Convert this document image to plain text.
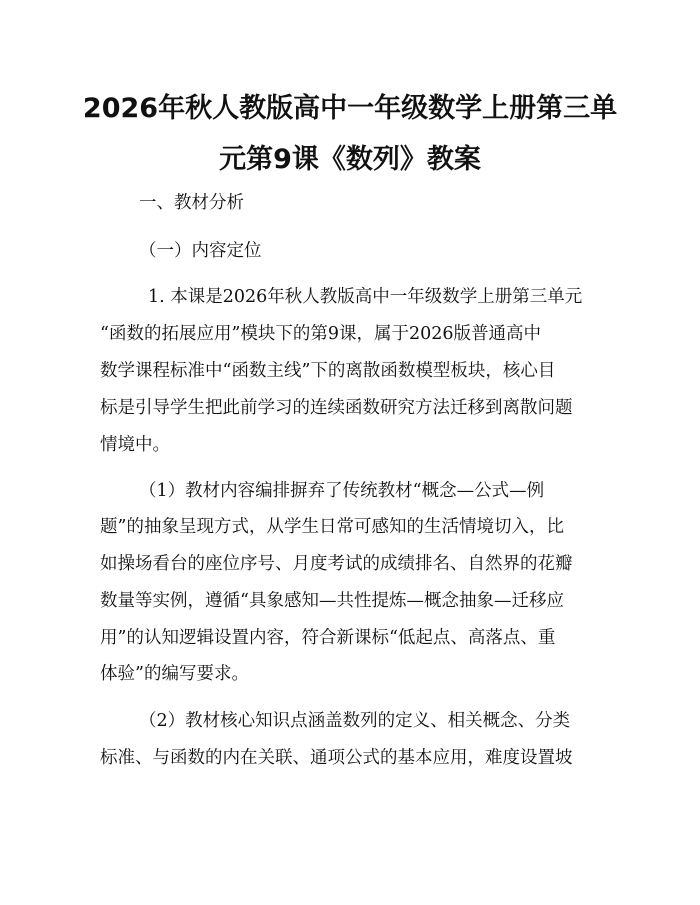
2026年秋人教版高中一年级数学上册第三单
元第9课《数列》教案

一、教材分析

（一）内容定位

1. 本课是2026年秋人教版高中一年级数学上册第三单元

“函数的拓展应用”模块下的第9课，属于2026版普通高中

数学课程标准中“函数主线”下的离散函数模型板块，核心目

标是引导学生把此前学习的连续函数研究方法迁移到离散问题

情境中。

（1）教材内容编排摒弃了传统教材“概念—公式—例

题”的抽象呈现方式，从学生日常可感知的生活情境切入，比

如操场看台的座位序号、月度考试的成绩排名、自然界的花瓣

数量等实例，遵循“具象感知—共性提炼—概念抽象—迁移应

用”的认知逻辑设置内容，符合新课标“低起点、高落点、重

体验”的编写要求。

（2）教材核心知识点涵盖数列的定义、相关概念、分类

标准、与函数的内在关联、通项公式的基本应用，难度设置坡
